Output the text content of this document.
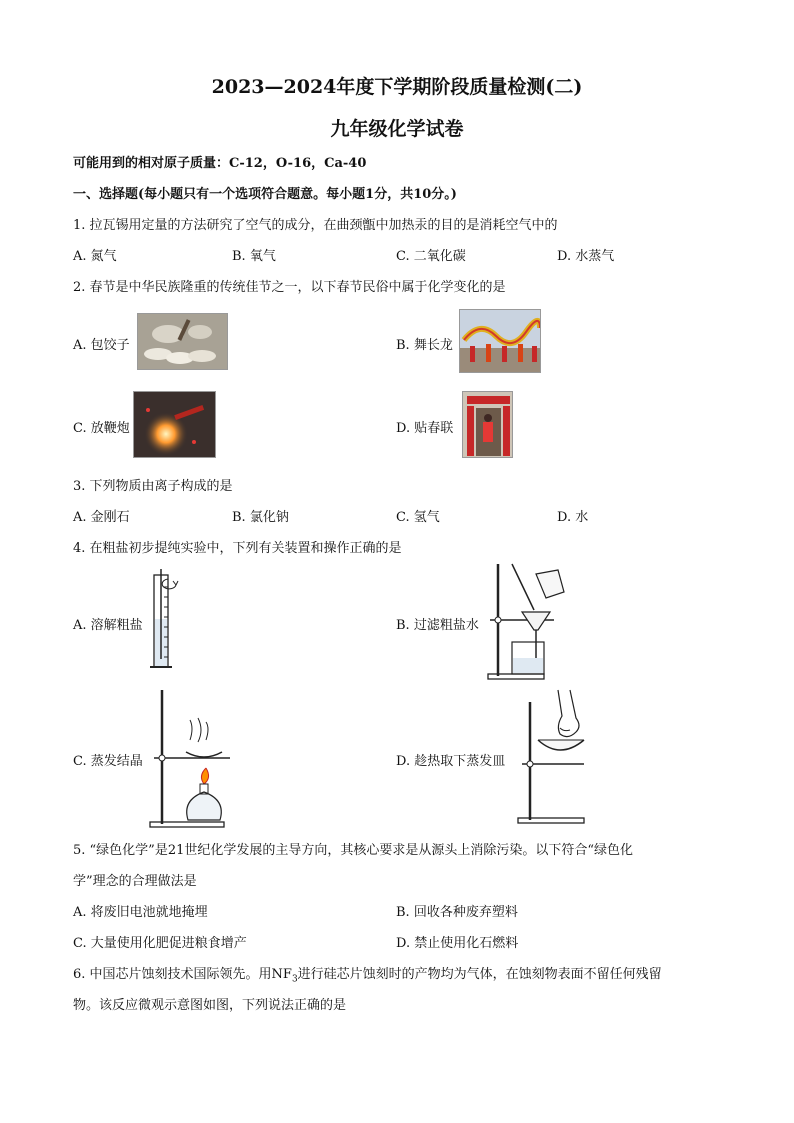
2023—2024年度下学期阶段质量检测(二)
九年级化学试卷
可能用到的相对原子质量：C-12，O-16，Ca-40
一、选择题(每小题只有一个选项符合题意。每小题1分，共10分。)
1. 拉瓦锡用定量的方法研究了空气的成分，在曲颈甑中加热汞的目的是消耗空气中的
A. 氮气	B. 氧气	C. 二氧化碳	D. 水蒸气
2. 春节是中华民族隆重的传统佳节之一，以下春节民俗中属于化学变化的是
A. 包饺子	B. 舞长龙
C. 放鞭炮	D. 贴春联
3. 下列物质由离子构成的是
A. 金刚石	B. 氯化钠	C. 氢气	D. 水
4. 在粗盐初步提纯实验中，下列有关装置和操作正确的是
A. 溶解粗盐	B. 过滤粗盐水
C. 蒸发结晶	D. 趁热取下蒸发皿
5. “绿色化学”是21世纪化学发展的主导方向，其核心要求是从源头上消除污染。以下符合“绿色化
学”理念的合理做法是
A. 将废旧电池就地掩埋	B. 回收各种废弃塑料
C. 大量使用化肥促进粮食增产	D. 禁止使用化石燃料
6. 中国芯片蚀刻技术国际领先。用$NF_3$进行硅芯片蚀刻时的产物均为气体，在蚀刻物表面不留任何残留
物。该反应微观示意图如图，下列说法正确的是
